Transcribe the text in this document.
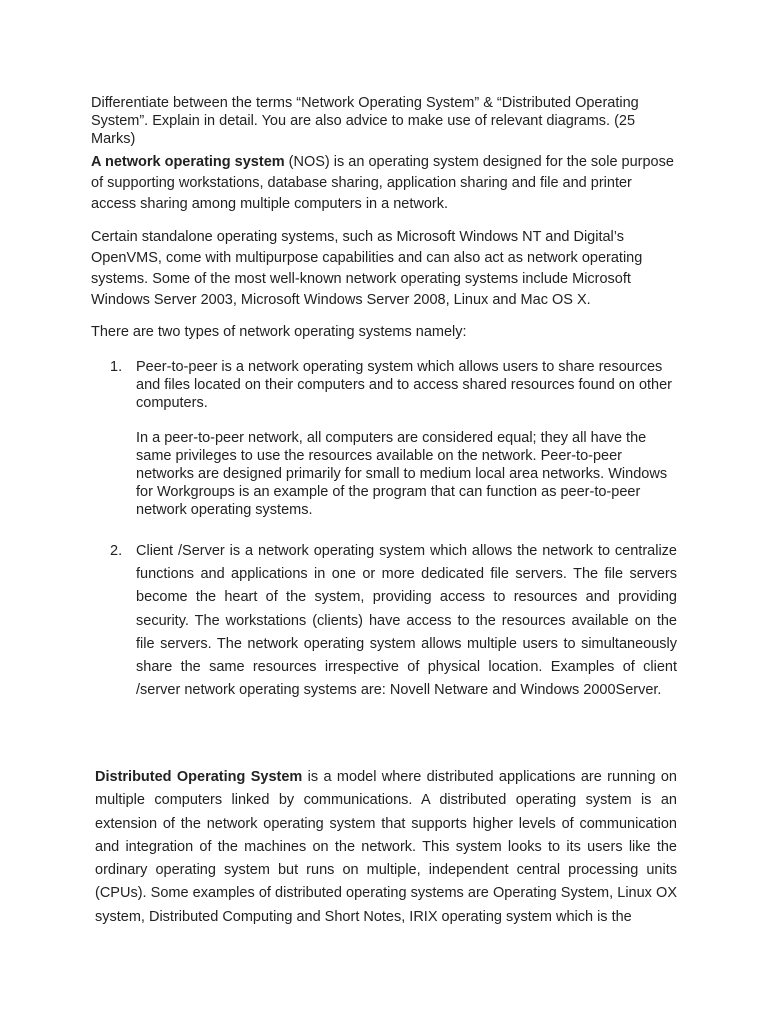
Differentiate between the terms “Network Operating System” & “Distributed Operating System”. Explain in detail. You are also advice to make use of relevant diagrams. (25 Marks)

A network operating system (NOS) is an operating system designed for the sole purpose of supporting workstations, database sharing, application sharing and file and printer access sharing among multiple computers in a network.

Certain standalone operating systems, such as Microsoft Windows NT and Digital’s OpenVMS, come with multipurpose capabilities and can also act as network operating systems. Some of the most well-known network operating systems include Microsoft Windows Server 2003, Microsoft Windows Server 2008, Linux and Mac OS X.

There are two types of network operating systems namely:

1. Peer-to-peer is a network operating system which allows users to share resources and files located on their computers and to access shared resources found on other computers.

In a peer-to-peer network, all computers are considered equal; they all have the same privileges to use the resources available on the network. Peer-to-peer networks are designed primarily for small to medium local area networks. Windows for Workgroups is an example of the program that can function as peer-to-peer network operating systems.

2. Client /Server is a network operating system which allows the network to centralize functions and applications in one or more dedicated file servers. The file servers become the heart of the system, providing access to resources and providing security. The workstations (clients) have access to the resources available on the file servers. The network operating system allows multiple users to simultaneously share the same resources irrespective of physical location. Examples of client /server network operating systems are: Novell Netware and Windows 2000Server.

Distributed Operating System is a model where distributed applications are running on multiple computers linked by communications. A distributed operating system is an extension of the network operating system that supports higher levels of communication and integration of the machines on the network. This system looks to its users like the ordinary operating system but runs on multiple, independent central processing units (CPUs). Some examples of distributed operating systems are Operating System, Linux OX system, Distributed Computing and Short Notes, IRIX operating system which is the
